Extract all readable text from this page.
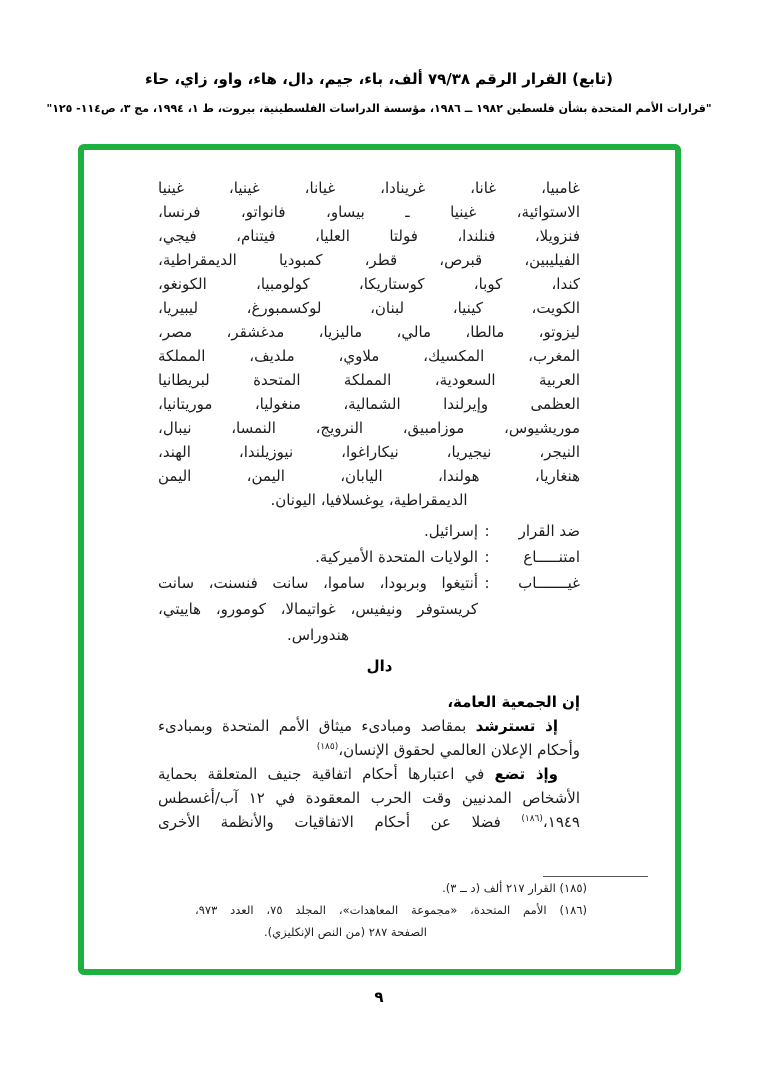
(تابع) القرار الرقم ٧٩/٣٨ ألف، باء، جيم، دال، هاء، واو، زاي، حاء
"قرارات الأمم المتحدة بشأن فلسطين ١٩٨٢ ــ ١٩٨٦، مؤسسة الدراسات الفلسطينية، بيروت، ط ١، ١٩٩٤، مج ٣، ص١١٤- ١٢٥"
غامبيا، غانا، غرينادا، غيانا، غينيا، غينيا
الاستوائية، غينيا ـ بيساو، فانواتو، فرنسا،
فنزويلا، فنلندا، فولتا العليا، فيتنام، فيجي،
الفيليبين، قبرص، قطر، كمبوديا الديمقراطية،
كندا، كوبا، كوستاريكا، كولومبيا، الكونغو،
الكويت، كينيا، لبنان، لوكسمبورغ، ليبيريا،
ليزوتو، مالطا، مالي، ماليزيا، مدغشقر، مصر،
المغرب، المكسيك، ملاوي، ملديف، المملكة
العربية السعودية، المملكة المتحدة لبريطانيا
العظمى وإيرلندا الشمالية، منغوليا، موريتانيا،
موريشيوس، موزامبيق، النرويج، النمسا، نيبال،
النيجر، نيجيريا، نيكاراغوا، نيوزيلندا، الهند،
هنغاريا، هولندا، اليابان، اليمن، اليمن
الديمقراطية، يوغسلافيا، اليونان.
ضد القرار
:
إسرائيل.
امتنـــــاع
:
الولايات المتحدة الأميركية.
غيـــــــاب
:
أنتيغوا وبربودا، ساموا، سانت فنسنت، سانت
كريستوفر ونيفيس، غواتيمالا، كومورو، هاييتي،
هندوراس.
دال
إن الجمعية العامة،
إذ تسترشد بمقاصد ومبادىء ميثاق الأمم المتحدة وبمبادىء
وأحكام الإعلان العالمي لحقوق الإنسان،$^{(١٨٥)}$
وإذ تضع في اعتبارها أحكام اتفاقية جنيف المتعلقة بحماية
الأشخاص المدنيين وقت الحرب المعقودة في ١٢ آب/أغسطس
١٩٤٩،$^{(١٨٦)}$ فضلا عن أحكام الاتفاقيات والأنظمة الأخرى
(١٨٥) القرار ٢١٧ ألف (د ــ ٣).
(١٨٦) الأمم المتحدة، «مجموعة المعاهدات»، المجلد ٧٥، العدد ٩٧٣،
الصفحة ٢٨٧ (من النص الإنكليزي).
٩
